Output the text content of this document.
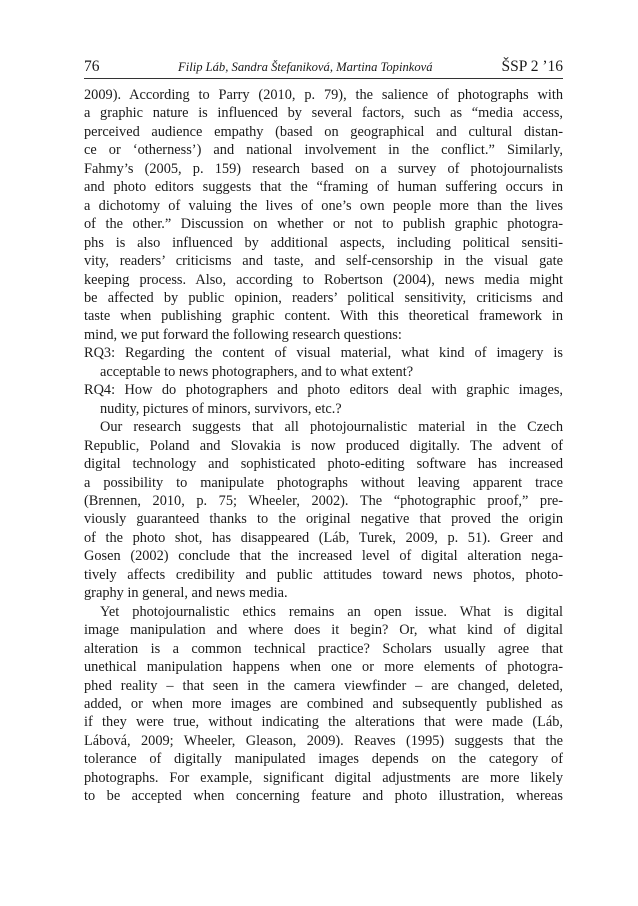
76	Filip Láb, Sandra Štefaniková, Martina Topinková	ŠSP 2 ’16

2009). According to Parry (2010, p. 79), the salience of photographs with

a graphic nature is influenced by several factors, such as “media access,

perceived audience empathy (based on geographical and cultural distan-

ce or ‘otherness’) and national involvement in the conflict.” Similarly,

Fahmy’s (2005, p. 159) research based on a survey of photojournalists

and photo editors suggests that the “framing of human suffering occurs in

a dichotomy of valuing the lives of one’s own people more than the lives

of the other.” Discussion on whether or not to publish graphic photogra-

phs is also influenced by additional aspects, including political sensiti-

vity, readers’ criticisms and taste, and self-censorship in the visual gate

keeping process. Also, according to Robertson (2004), news media might

be affected by public opinion, readers’ political sensitivity, criticisms and

taste when publishing graphic content. With this theoretical framework in

mind, we put forward the following research questions:

RQ3: Regarding the content of visual material, what kind of imagery is

acceptable to news photographers, and to what extent?

RQ4: How do photographers and photo editors deal with graphic images,

nudity, pictures of minors, survivors, etc.?

Our research suggests that all photojournalistic material in the Czech

Republic, Poland and Slovakia is now produced digitally. The advent of

digital technology and sophisticated photo-editing software has increased

a possibility to manipulate photographs without leaving apparent trace

(Brennen, 2010, p. 75; Wheeler, 2002). The “photographic proof,” pre-

viously guaranteed thanks to the original negative that proved the origin

of the photo shot, has disappeared (Láb, Turek, 2009, p. 51). Greer and

Gosen (2002) conclude that the increased level of digital alteration nega-

tively affects credibility and public attitudes toward news photos, photo-

graphy in general, and news media.

Yet photojournalistic ethics remains an open issue. What is digital

image manipulation and where does it begin? Or, what kind of digital

alteration is a common technical practice? Scholars usually agree that

unethical manipulation happens when one or more elements of photogra-

phed reality – that seen in the camera viewfinder – are changed, deleted,

added, or when more images are combined and subsequently published as

if they were true, without indicating the alterations that were made (Láb,

Lábová, 2009; Wheeler, Gleason, 2009). Reaves (1995) suggests that the

tolerance of digitally manipulated images depends on the category of

photographs. For example, significant digital adjustments are more likely

to be accepted when concerning feature and photo illustration, whereas
